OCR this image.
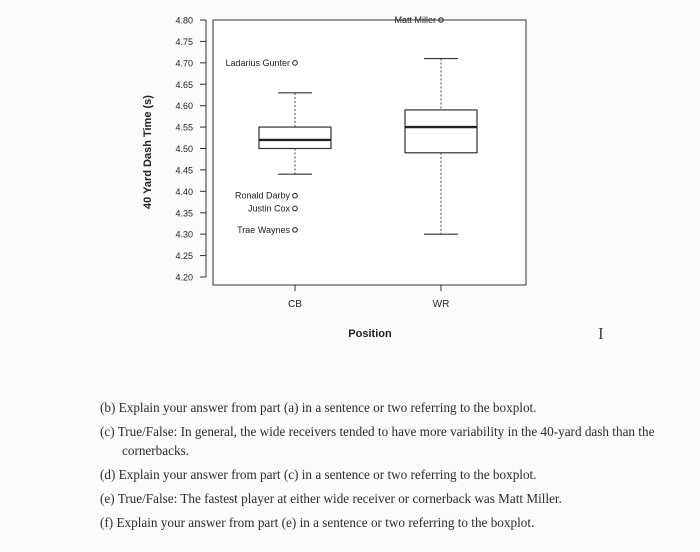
4.80
4.75
4.70
4.65
4.60
4.55
4.50
4.45
4.40
4.35
4.30
4.25
4.20
CB	WR
Ladarius Gunter
Ronald Darby
Justin Cox
Trae Waynes
Matt Miller
40 Yard Dash Time (s)
Position	I

(b) Explain your answer from part (a) in a sentence or two referring to the boxplot.

(c) True/False: In general, the wide receivers tended to have more variability in the 40-yard dash than the cornerbacks.

(d) Explain your answer from part (c) in a sentence or two referring to the boxplot.

(e) True/False: The fastest player at either wide receiver or cornerback was Matt Miller.

(f) Explain your answer from part (e) in a sentence or two referring to the boxplot.
